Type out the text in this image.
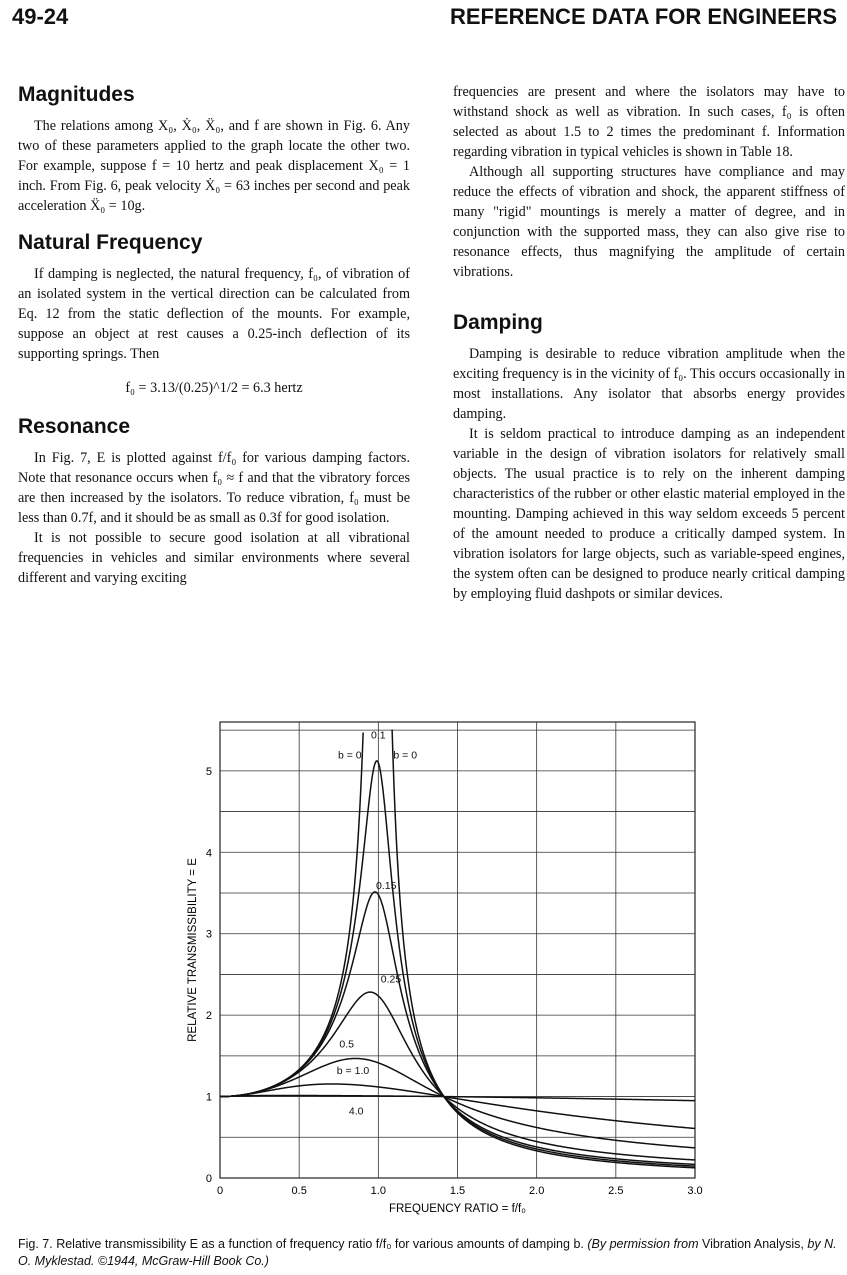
49-24	REFERENCE DATA FOR ENGINEERS
Magnitudes

The relations among X₀, Ẋ₀, Ẍ₀, and f are shown in Fig. 6. Any two of these parameters applied to the graph locate the other two. For example, suppose f = 10 hertz and peak displacement X₀ = 1 inch. From Fig. 6, peak velocity Ẋ₀ = 63 inches per second and peak acceleration Ẍ₀ = 10g.

Natural Frequency

If damping is neglected, the natural frequency, f₀, of vibration of an isolated system in the vertical direction can be calculated from Eq. 12 from the static deflection of the mounts. For example, suppose an object at rest causes a 0.25-inch deflection of its supporting springs. Then

f₀ = 3.13/(0.25)^1/2 = 6.3 hertz

Resonance

In Fig. 7, E is plotted against f/f₀ for various damping factors. Note that resonance occurs when f₀ ≈ f and that the vibratory forces are then increased by the isolators. To reduce vibration, f₀ must be less than 0.7f, and it should be as small as 0.3f for good isolation.

It is not possible to secure good isolation at all vibrational frequencies in vehicles and similar environments where several different and varying exciting

frequencies are present and where the isolators may have to withstand shock as well as vibration. In such cases, f₀ is often selected as about 1.5 to 2 times the predominant f. Information regarding vibration in typical vehicles is shown in Table 18.

Although all supporting structures have compliance and may reduce the effects of vibration and shock, the apparent stiffness of many "rigid" mountings is merely a matter of degree, and in conjunction with the supported mass, they can also give rise to resonance effects, thus magnifying the amplitude of certain vibrations.

Damping

Damping is desirable to reduce vibration amplitude when the exciting frequency is in the vicinity of f₀. This occurs occasionally in most installations. Any isolator that absorbs energy provides damping.

It is seldom practical to introduce damping as an independent variable in the design of vibration isolators for relatively small objects. The usual practice is to rely on the inherent damping characteristics of the rubber or other elastic material employed in the mounting. Damping achieved in this way seldom exceeds 5 percent of the amount needed to produce a critically damped system. In vibration isolators for large objects, such as variable-speed engines, the system often can be designed to produce nearly critical damping by employing fluid dashpots or similar devices.

0
1
2
3
4
5
0	0.5	1.0	1.5	2.0	2.5	3.0
0.1
b = 0	b = 0
0.15
0.25
0.5
b = 1.0
4.0
RELATIVE TRANSMISSIBILITY = E
FREQUENCY RATIO = f/f₀
Fig. 7. Relative transmissibility E as a function of frequency ratio f/f₀ for various amounts of damping b. (By permission from Vibration Analysis, by N. O. Myklestad. ©1944, McGraw-Hill Book Co.)
